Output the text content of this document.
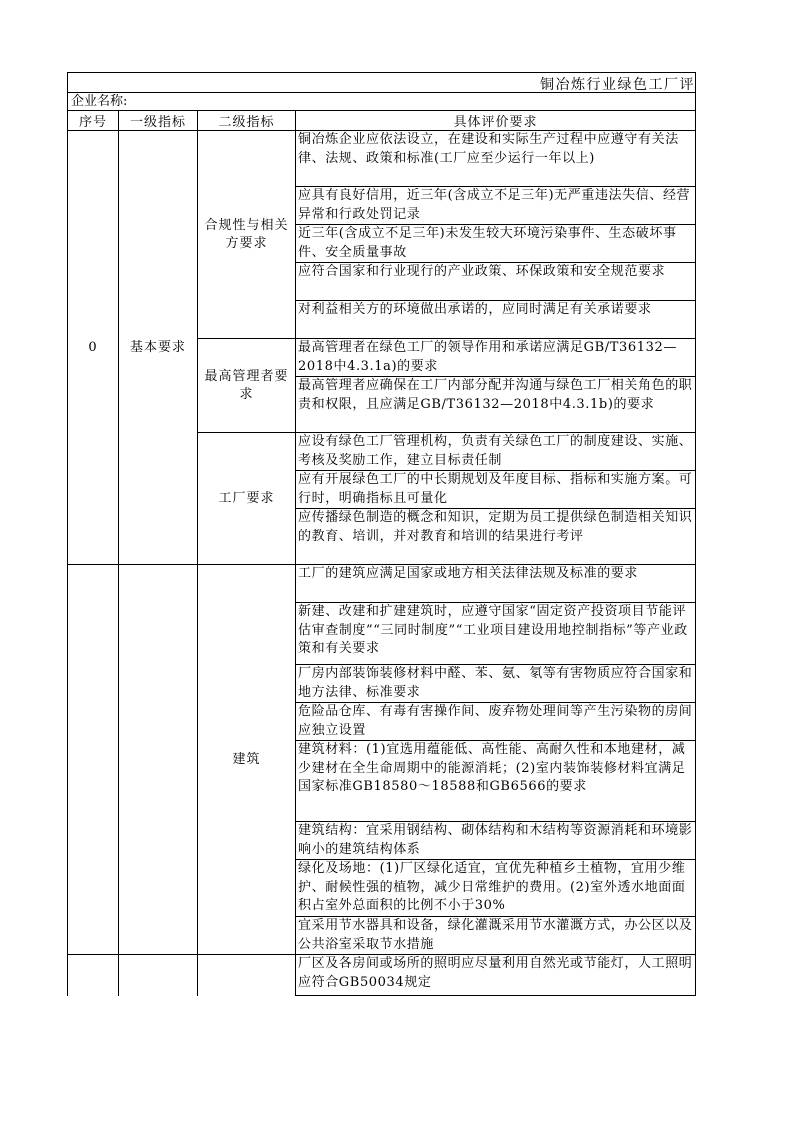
铜冶炼行业绿色工厂评
企业名称:
序号	一级指标	二级指标	具体评价要求
0	基本要求	合规性与相关方要求	铜冶炼企业应依法设立，在建设和实际生产过程中应遵守有关法律、法规、政策和标准(工厂应至少运行一年以上)
			应具有良好信用，近三年(含成立不足三年)无严重违法失信、经营异常和行政处罚记录
			近三年(含成立不足三年)未发生较大环境污染事件、生态破坏事件、安全质量事故
			应符合国家和行业现行的产业政策、环保政策和安全规范要求
			对利益相关方的环境做出承诺的，应同时满足有关承诺要求
		最高管理者要求	最高管理者在绿色工厂的领导作用和承诺应满足GB/T36132—2018中4.3.1a)的要求
			最高管理者应确保在工厂内部分配并沟通与绿色工厂相关角色的职责和权限，且应满足GB/T36132—2018中4.3.1b)的要求
		工厂要求	应设有绿色工厂管理机构，负责有关绿色工厂的制度建设、实施、考核及奖励工作，建立目标责任制
			应有开展绿色工厂的中长期规划及年度目标、指标和实施方案。可行时，明确指标且可量化
			应传播绿色制造的概念和知识，定期为员工提供绿色制造相关知识的教育、培训，并对教育和培训的结果进行考评
		建筑	工厂的建筑应满足国家或地方相关法律法规及标准的要求
			新建、改建和扩建建筑时，应遵守国家“固定资产投资项目节能评估审查制度”“三同时制度”“工业项目建设用地控制指标”等产业政策和有关要求
			厂房内部装饰装修材料中醛、苯、氨、氡等有害物质应符合国家和地方法律、标准要求
			危险品仓库、有毒有害操作间、废弃物处理间等产生污染物的房间应独立设置
			建筑材料：(1)宜选用蕴能低、高性能、高耐久性和本地建材，减少建材在全生命周期中的能源消耗；(2)室内装饰装修材料宜满足国家标准GB18580～18588和GB6566的要求
			建筑结构：宜采用钢结构、砌体结构和木结构等资源消耗和环境影响小的建筑结构体系
			绿化及场地：(1)厂区绿化适宜，宜优先种植乡土植物，宜用少维护、耐候性强的植物，减少日常维护的费用。(2)室外透水地面面积占室外总面积的比例不小于30%
			宜采用节水器具和设备，绿化灌溉采用节水灌溉方式，办公区以及公共浴室采取节水措施
			厂区及各房间或场所的照明应尽量利用自然光或节能灯，人工照明应符合GB50034规定
